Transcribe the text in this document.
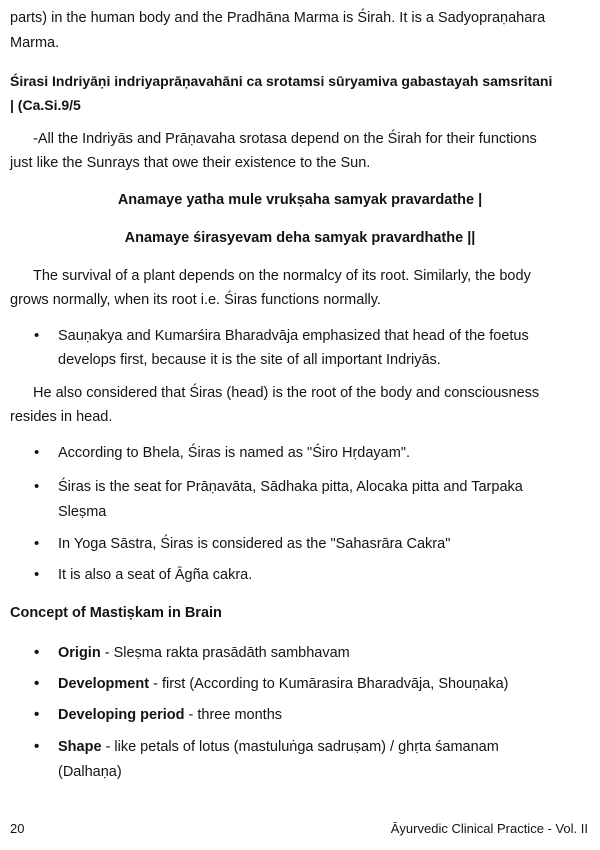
parts) in the human body and the Pradhāna Marma is Śirah. It is a Sadyopraṇahara

Marma.

Śirasi Indriyāṇi indriyaprāṇavahāni ca srotamsi sūryamiva gabastayah samsritani

| (Ca.Si.9/5

-All the Indriyās and Prāṇavaha srotasa depend on the Śirah for their functions

just like the Sunrays that owe their existence to the Sun.

Anamaye yatha mule vrukṣaha samyak pravardathe |

Anamaye śirasyevam deha samyak pravardhathe ||

The survival of a plant depends on the normalcy of its root. Similarly, the body

grows normally, when its root i.e. Śiras functions normally.

• Sauṇakya and Kumarśira Bharadvāja emphasized that head of the foetus

develops first, because it is the site of all important Indriyās.

He also considered that Śiras (head) is the root of the body and consciousness

resides in head.

• According to Bhela, Śiras is named as "Śiro Hṛdayam".
• Śiras is the seat for Prāṇavāta, Sādhaka pitta, Alocaka pitta and Tarpaka
Sleṣma
• In Yoga Sāstra, Śiras is considered as the "Sahasrāra Cakra"
• It is also a seat of Āgña cakra.

Concept of Mastiṣkam in Brain

• Origin - Sleṣma rakta prasādāth sambhavam
• Development - first (According to Kumārasira Bharadvāja, Shouṇaka)
• Developing period - three months
• Shape - like petals of lotus (mastuluṅga sadruṣam) / ghṛta śamanam
(Dalhaṇa)
20	Āyurvedic Clinical Practice - Vol. II
